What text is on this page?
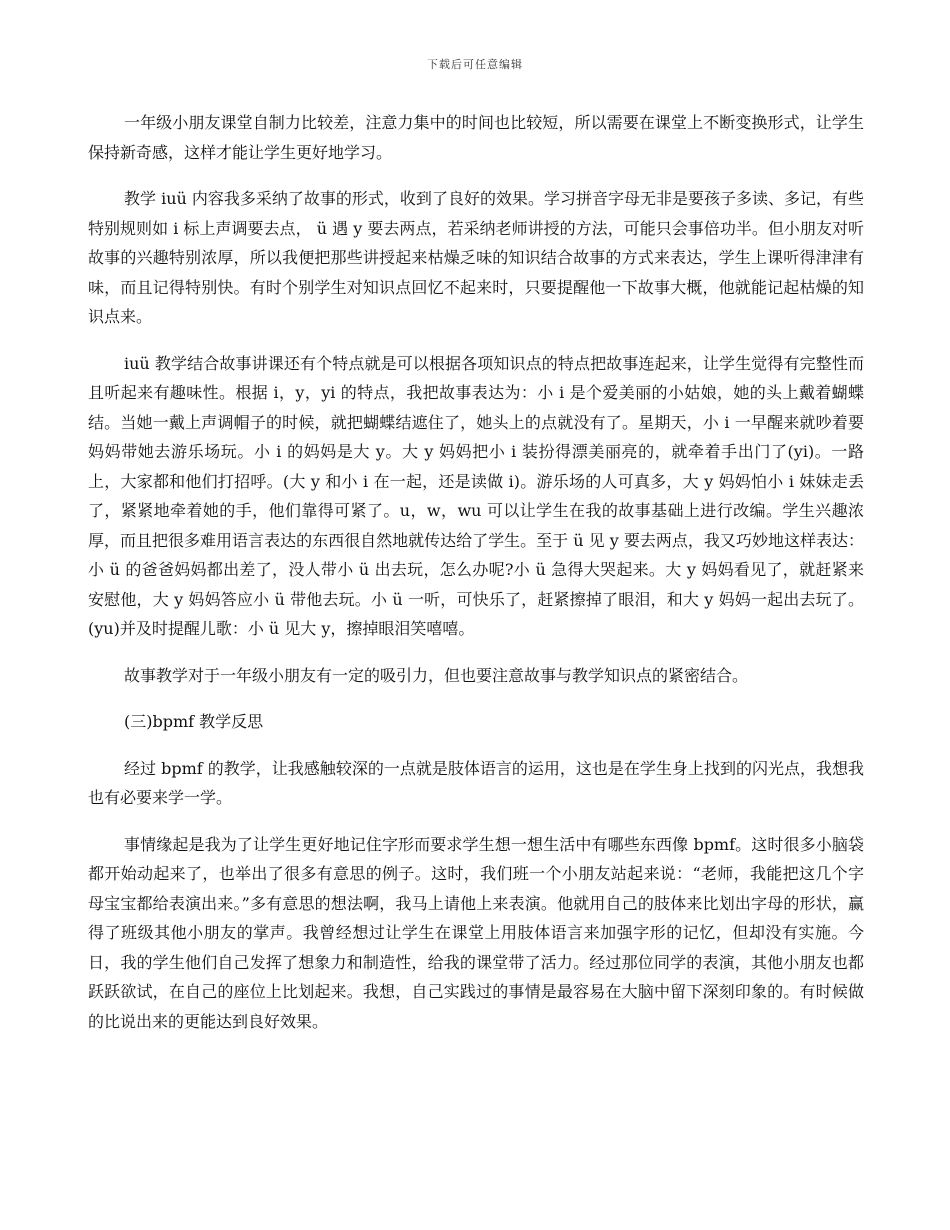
下载后可任意编辑

一年级小朋友课堂自制力比较差，注意力集中的时间也比较短，所以需要在课堂上不断变换形式，让学生保持新奇感，这样才能让学生更好地学习。

教学 iuü 内容我多采纳了故事的形式，收到了良好的效果。学习拼音字母无非是要孩子多读、多记，有些特别规则如 i 标上声调要去点， ü 遇 y 要去两点，若采纳老师讲授的方法，可能只会事倍功半。但小朋友对听故事的兴趣特别浓厚，所以我便把那些讲授起来枯燥乏味的知识结合故事的方式来表达，学生上课听得津津有味，而且记得特别快。有时个别学生对知识点回忆不起来时，只要提醒他一下故事大概，他就能记起枯燥的知识点来。

iuü 教学结合故事讲课还有个特点就是可以根据各项知识点的特点把故事连起来，让学生觉得有完整性而且听起来有趣味性。根据 i，y，yi 的特点，我把故事表达为：小 i 是个爱美丽的小姑娘，她的头上戴着蝴蝶结。当她一戴上声调帽子的时候，就把蝴蝶结遮住了，她头上的点就没有了。星期天，小 i 一早醒来就吵着要妈妈带她去游乐场玩。小 i 的妈妈是大 y。大 y 妈妈把小 i 装扮得漂美丽亮的，就牵着手出门了(yi)。一路上，大家都和他们打招呼。(大 y 和小 i 在一起，还是读做 i)。游乐场的人可真多，大 y 妈妈怕小 i 妹妹走丢了，紧紧地牵着她的手，他们靠得可紧了。u，w，wu 可以让学生在我的故事基础上进行改编。学生兴趣浓厚，而且把很多难用语言表达的东西很自然地就传达给了学生。至于 ü 见 y 要去两点，我又巧妙地这样表达：小 ü 的爸爸妈妈都出差了，没人带小 ü 出去玩，怎么办呢?小 ü 急得大哭起来。大 y 妈妈看见了，就赶紧来安慰他，大 y 妈妈答应小 ü 带他去玩。小 ü 一听，可快乐了，赶紧擦掉了眼泪，和大 y 妈妈一起出去玩了。(yu)并及时提醒儿歌：小 ü 见大 y，擦掉眼泪笑嘻嘻。

故事教学对于一年级小朋友有一定的吸引力，但也要注意故事与教学知识点的紧密结合。

(三)bpmf 教学反思

经过 bpmf 的教学，让我感触较深的一点就是肢体语言的运用，这也是在学生身上找到的闪光点，我想我也有必要来学一学。

事情缘起是我为了让学生更好地记住字形而要求学生想一想生活中有哪些东西像 bpmf。这时很多小脑袋都开始动起来了，也举出了很多有意思的例子。这时，我们班一个小朋友站起来说：“老师，我能把这几个字母宝宝都给表演出来。”多有意思的想法啊，我马上请他上来表演。他就用自己的肢体来比划出字母的形状，赢得了班级其他小朋友的掌声。我曾经想过让学生在课堂上用肢体语言来加强字形的记忆，但却没有实施。今日，我的学生他们自己发挥了想象力和制造性，给我的课堂带了活力。经过那位同学的表演，其他小朋友也都跃跃欲试，在自己的座位上比划起来。我想，自己实践过的事情是最容易在大脑中留下深刻印象的。有时候做的比说出来的更能达到良好效果。
